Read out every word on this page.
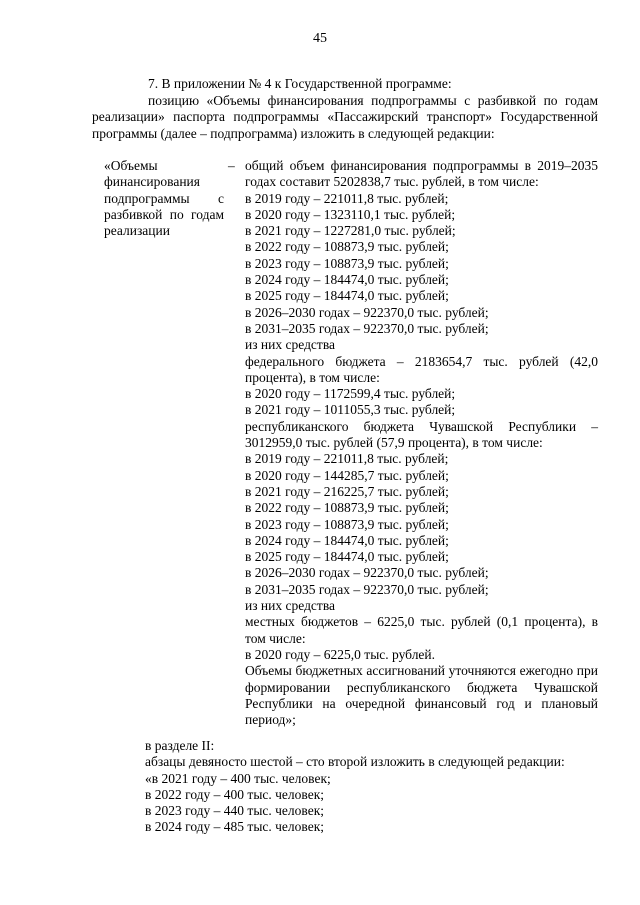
45
7. В приложении № 4 к Государственной программе:
позицию «Объемы финансирования подпрограммы с разбивкой по годам реализации» паспорта подпрограммы «Пассажирский транспорт» Государственной программы (далее – подпрограмма) изложить в следующей редакции:
«Объемы финансирования подпрограммы с разбивкой по годам реализации
– общий объем финансирования подпрограммы в 2019–2035 годах составит 5202838,7 тыс. рублей, в том числе:
в 2019 году – 221011,8 тыс. рублей;
в 2020 году – 1323110,1 тыс. рублей;
в 2021 году – 1227281,0 тыс. рублей;
в 2022 году – 108873,9 тыс. рублей;
в 2023 году – 108873,9 тыс. рублей;
в 2024 году – 184474,0 тыс. рублей;
в 2025 году – 184474,0 тыс. рублей;
в 2026–2030 годах – 922370,0 тыс. рублей;
в 2031–2035 годах – 922370,0 тыс. рублей;
из них средства
федерального бюджета – 2183654,7 тыс. рублей (42,0 процента), в том числе:
в 2020 году – 1172599,4 тыс. рублей;
в 2021 году – 1011055,3 тыс. рублей;
республиканского бюджета Чувашской Республики – 3012959,0 тыс. рублей (57,9 процента), в том числе:
в 2019 году – 221011,8 тыс. рублей;
в 2020 году – 144285,7 тыс. рублей;
в 2021 году – 216225,7 тыс. рублей;
в 2022 году – 108873,9 тыс. рублей;
в 2023 году – 108873,9 тыс. рублей;
в 2024 году – 184474,0 тыс. рублей;
в 2025 году – 184474,0 тыс. рублей;
в 2026–2030 годах – 922370,0 тыс. рублей;
в 2031–2035 годах – 922370,0 тыс. рублей;
из них средства
местных бюджетов – 6225,0 тыс. рублей (0,1 процента), в том числе:
в 2020 году – 6225,0 тыс. рублей.
Объемы бюджетных ассигнований уточняются ежегодно при формировании республиканского бюджета Чувашской Республики на очередной финансовый год и плановый период»;
в разделе II:
абзацы девяносто шестой – сто второй изложить в следующей редакции:
«в 2021 году – 400 тыс. человек;
в 2022 году – 400 тыс. человек;
в 2023 году – 440 тыс. человек;
в 2024 году – 485 тыс. человек;
